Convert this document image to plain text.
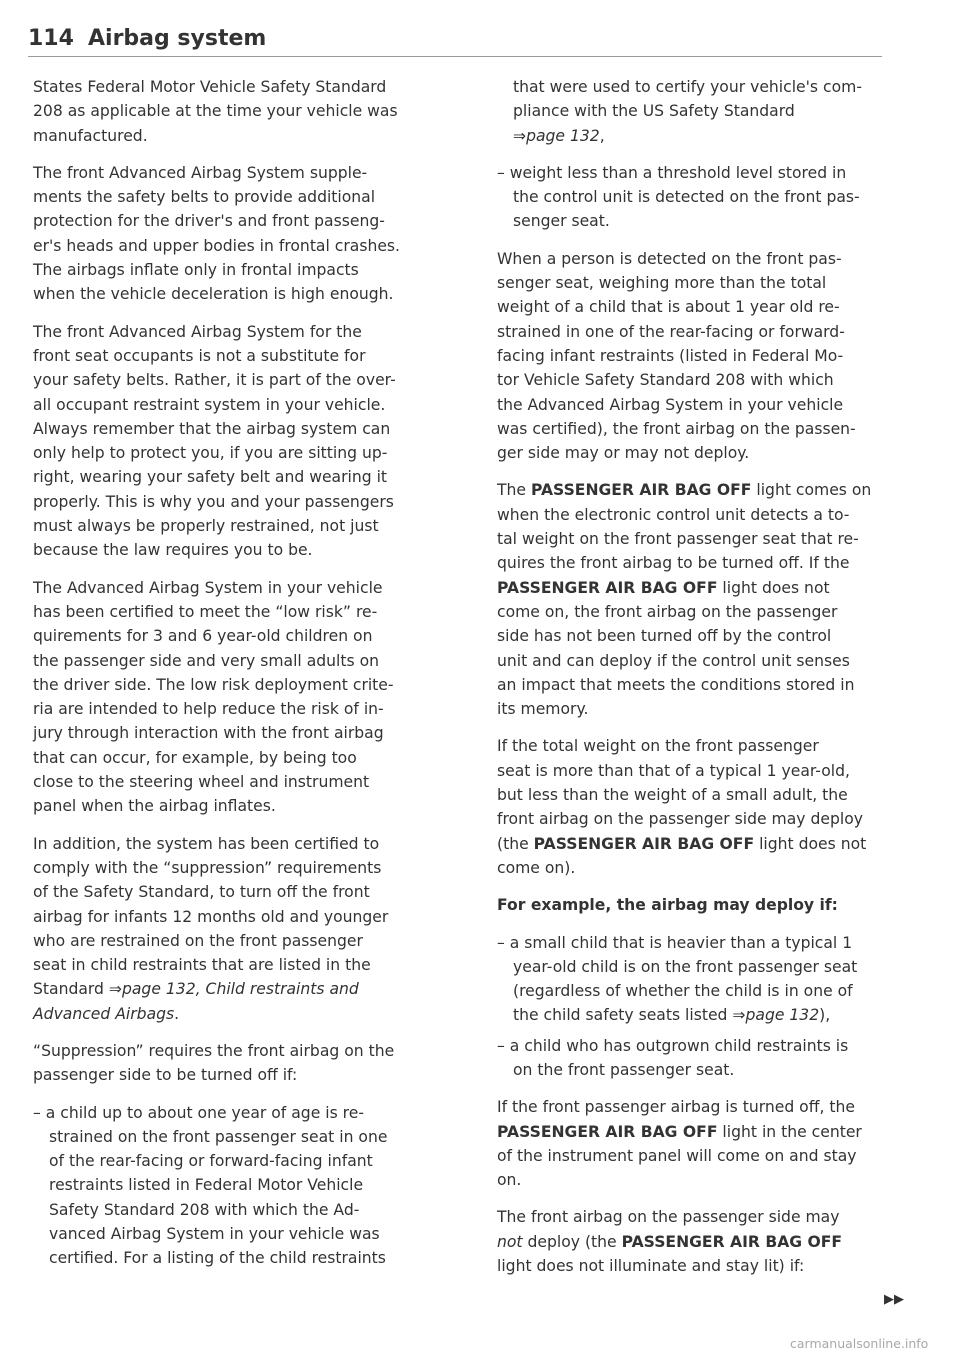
114 Airbag system

States Federal Motor Vehicle Safety Standard
208 as applicable at the time your vehicle was
manufactured.

The front Advanced Airbag System supple-
ments the safety belts to provide additional
protection for the driver's and front passeng-
er's heads and upper bodies in frontal crashes.
The airbags inflate only in frontal impacts
when the vehicle deceleration is high enough.

The front Advanced Airbag System for the
front seat occupants is not a substitute for
your safety belts. Rather, it is part of the over-
all occupant restraint system in your vehicle.
Always remember that the airbag system can
only help to protect you, if you are sitting up-
right, wearing your safety belt and wearing it
properly. This is why you and your passengers
must always be properly restrained, not just
because the law requires you to be.

The Advanced Airbag System in your vehicle
has been certified to meet the “low risk” re-
quirements for 3 and 6 year-old children on
the passenger side and very small adults on
the driver side. The low risk deployment crite-
ria are intended to help reduce the risk of in-
jury through interaction with the front airbag
that can occur, for example, by being too
close to the steering wheel and instrument
panel when the airbag inflates.

In addition, the system has been certified to
comply with the “suppression” requirements
of the Safety Standard, to turn off the front
airbag for infants 12 months old and younger
who are restrained on the front passenger
seat in child restraints that are listed in the
Standard ⇒page 132, Child restraints and
Advanced Airbags.

“Suppression” requires the front airbag on the
passenger side to be turned off if:

– a child up to about one year of age is re-
strained on the front passenger seat in one
of the rear-facing or forward-facing infant
restraints listed in Federal Motor Vehicle
Safety Standard 208 with which the Ad-
vanced Airbag System in your vehicle was
certified. For a listing of the child restraints
that were used to certify your vehicle's com-
pliance with the US Safety Standard
⇒page 132,
– weight less than a threshold level stored in
the control unit is detected on the front pas-
senger seat.

When a person is detected on the front pas-
senger seat, weighing more than the total
weight of a child that is about 1 year old re-
strained in one of the rear-facing or forward-
facing infant restraints (listed in Federal Mo-
tor Vehicle Safety Standard 208 with which
the Advanced Airbag System in your vehicle
was certified), the front airbag on the passen-
ger side may or may not deploy.

The PASSENGER AIR BAG OFF light comes on
when the electronic control unit detects a to-
tal weight on the front passenger seat that re-
quires the front airbag to be turned off. If the
PASSENGER AIR BAG OFF light does not
come on, the front airbag on the passenger
side has not been turned off by the control
unit and can deploy if the control unit senses
an impact that meets the conditions stored in
its memory.

If the total weight on the front passenger
seat is more than that of a typical 1 year-old,
but less than the weight of a small adult, the
front airbag on the passenger side may deploy
(the PASSENGER AIR BAG OFF light does not
come on).

For example, the airbag may deploy if:
– a small child that is heavier than a typical 1
year-old child is on the front passenger seat
(regardless of whether the child is in one of
the child safety seats listed ⇒page 132),
– a child who has outgrown child restraints is
on the front passenger seat.

If the front passenger airbag is turned off, the
PASSENGER AIR BAG OFF light in the center
of the instrument panel will come on and stay
on.

The front airbag on the passenger side may
not deploy (the PASSENGER AIR BAG OFF
light does not illuminate and stay lit) if:

▶▶
carmanualsonline.info
